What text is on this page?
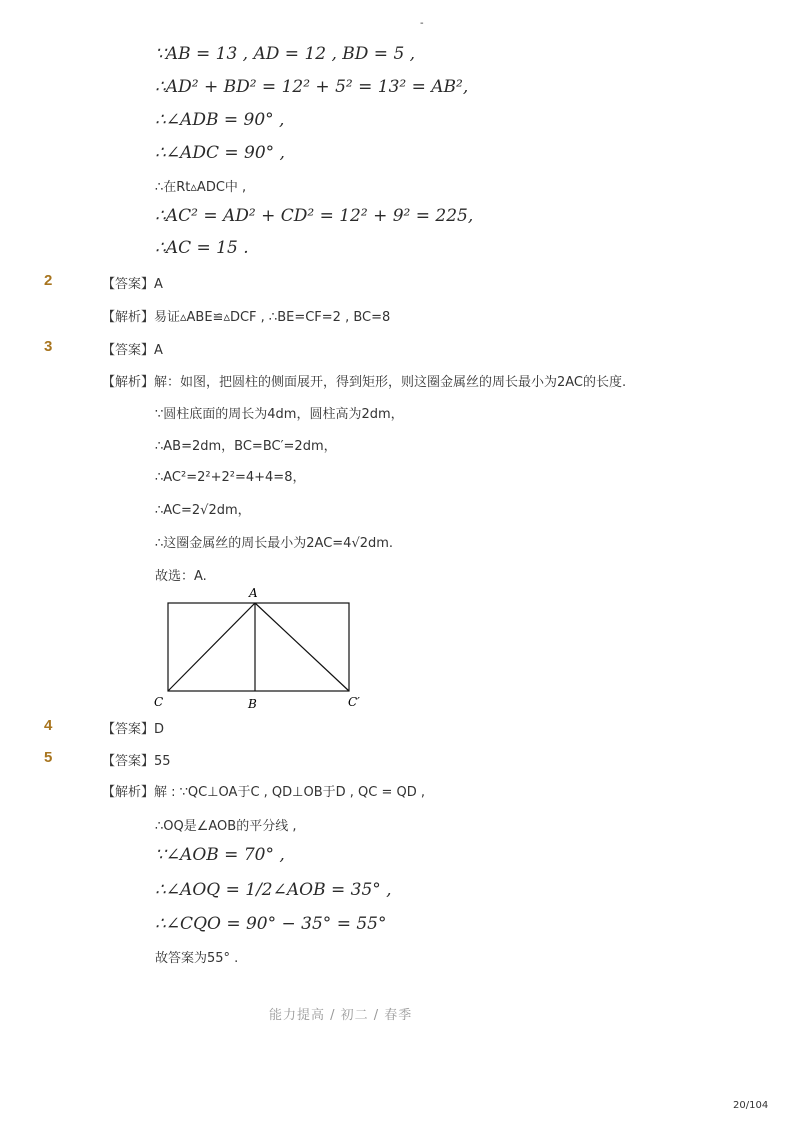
-
∵AB = 13 , AD = 12 , BD = 5 ,
∴AD² + BD² = 12² + 5² = 13² = AB²,
∴∠ADB = 90° ,
∴∠ADC = 90° ,
∴在Rt▵ADC中 ,
∴AC² = AD² + CD² = 12² + 9² = 225,
∴AC = 15 .
2	【答案】A
【解析】易证▵ABE≌▵DCF , ∴BE=CF=2 , BC=8
3	【答案】A
【解析】解：如图，把圆柱的侧面展开，得到矩形，则这圈金属丝的周长最小为2AC的长度.
∵圆柱底面的周长为4dm，圆柱高为2dm，
∴AB=2dm，BC=BC′=2dm，
∴AC²=2²+2²=4+4=8，
∴AC=2√2dm，
∴这圈金属丝的周长最小为2AC=4√2dm.
故选：A.
A
B
C	C′
4	【答案】D
5	【答案】55
【解析】解 : ∵QC⊥OA于C , QD⊥OB于D , QC = QD ,
∴OQ是∠AOB的平分线 ,
∵∠AOB = 70° ,
∴∠AOQ = 1/2∠AOB = 35° ,
∴∠CQO = 90° − 35° = 55°
故答案为55° .
能力提高 / 初二 / 春季
20/104
